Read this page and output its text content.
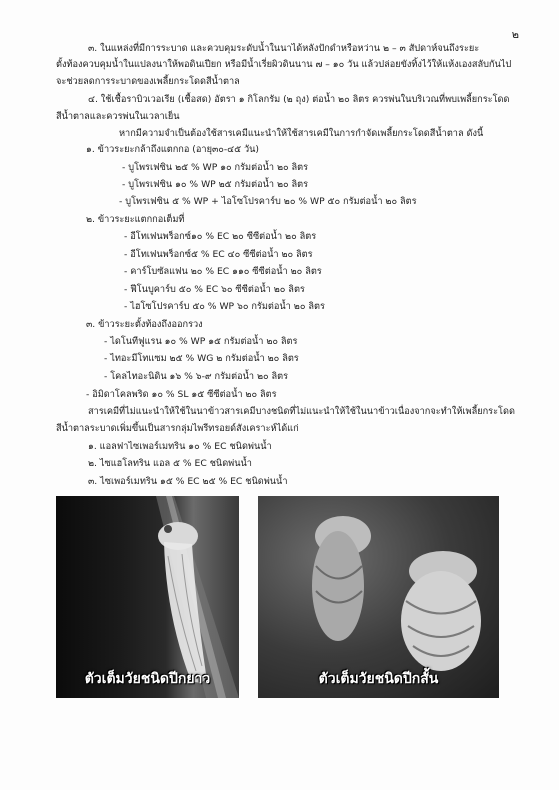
๒
๓. ในแหล่งที่มีการระบาด และควบคุมระดับน้ำในนาได้หลังปักดำหรือหว่าน ๒ – ๓ สัปดาห์จนถึงระยะ
ตั้งท้องควบคุมน้ำในแปลงนาให้พอดินเปียก หรือมีน้ำเรี่ยผิวดินนาน ๗ – ๑๐ วัน แล้วปล่อยขังทิ้งไว้ให้แห้งเองสลับกันไป
จะช่วยลดการระบาดของเพลี้ยกระโดดสีน้ำตาล
๔. ใช้เชื้อราบิวเวอเรีย (เชื้อสด) อัตรา ๑ กิโลกรัม (๒ ถุง) ต่อน้ำ ๒๐ ลิตร ควรพ่นในบริเวณที่พบเพลี้ยกระโดด
สีน้ำตาลและควรพ่นในเวลาเย็น
หากมีความจำเป็นต้องใช้สารเคมีแนะนำให้ใช้สารเคมีในการกำจัดเพลี้ยกระโดดสีน้ำตาล ดังนี้
๑. ข้าวระยะกล้าถึงแตกกอ (อายุ๓๐-๔๕ วัน)
- บูโพรเฟซิน ๒๕ % WP ๑๐ กรัมต่อน้ำ ๒๐ ลิตร
- บูโพรเฟซิน ๑๐ % WP ๒๕ กรัมต่อน้ำ ๒๐ ลิตร
- บูโพรเฟซิน ๕ % WP + ไอโซโปรคาร์บ ๒๐ % WP ๕๐ กรัมต่อน้ำ ๒๐ ลิตร
๒. ข้าวระยะแตกกอเต็มที่
- อีโทเฟนพร็อกซ์๑๐ % EC ๒๐ ซีซีต่อน้ำ ๒๐ ลิตร
- อีโทเฟนพร็อกซ์๕ % EC ๔๐ ซีซีต่อน้ำ ๒๐ ลิตร
- คาร์โบซัลแฟน ๒๐ % EC ๑๑๐ ซีซีต่อน้ำ ๒๐ ลิตร
- ฟีโนบูคาร์บ ๕๐ % EC ๖๐ ซีซีต่อน้ำ ๒๐ ลิตร
- ไฮโซโปรคาร์บ ๕๐ % WP ๖๐ กรัมต่อน้ำ ๒๐ ลิตร
๓. ข้าวระยะตั้งท้องถึงออกรวง
- ไดโนทีฟูแรน ๑๐ % WP ๑๕ กรัมต่อน้ำ ๒๐ ลิตร
- ไทอะมีโทแซม ๒๕ % WG ๒ กรัมต่อน้ำ ๒๐ ลิตร
- โคลไทอะนิดิน ๑๖ % ๖-๙ กรัมต่อน้ำ ๒๐ ลิตร
- อิมิดาโคลพริด ๑๐ % SL ๑๕ ซีซีต่อน้ำ ๒๐ ลิตร
สารเคมีที่ไม่แนะนำให้ใช้ในนาข้าวสารเคมีบางชนิดที่ไม่แนะนำให้ใช้ในนาข้าวเนื่องจากจะทำให้เพลี้ยกระโดด
สีน้ำตาลระบาดเพิ่มขึ้นเป็นสารกลุ่มไพรีทรอยด์สังเคราะห์ได้แก่
๑. แอลฟาไซเพอร์เมทริน ๑๐ % EC ชนิดพ่นน้ำ
๒. ไซแฮโลทริน แอล ๕ % EC ชนิดพ่นน้ำ
๓. ไซเพอร์เมทริน ๑๕ % EC ๒๕ % EC ชนิดพ่นน้ำ
ตัวเต็มวัยชนิดปีกยาว	ตัวเต็มวัยชนิดปีกสั้น
